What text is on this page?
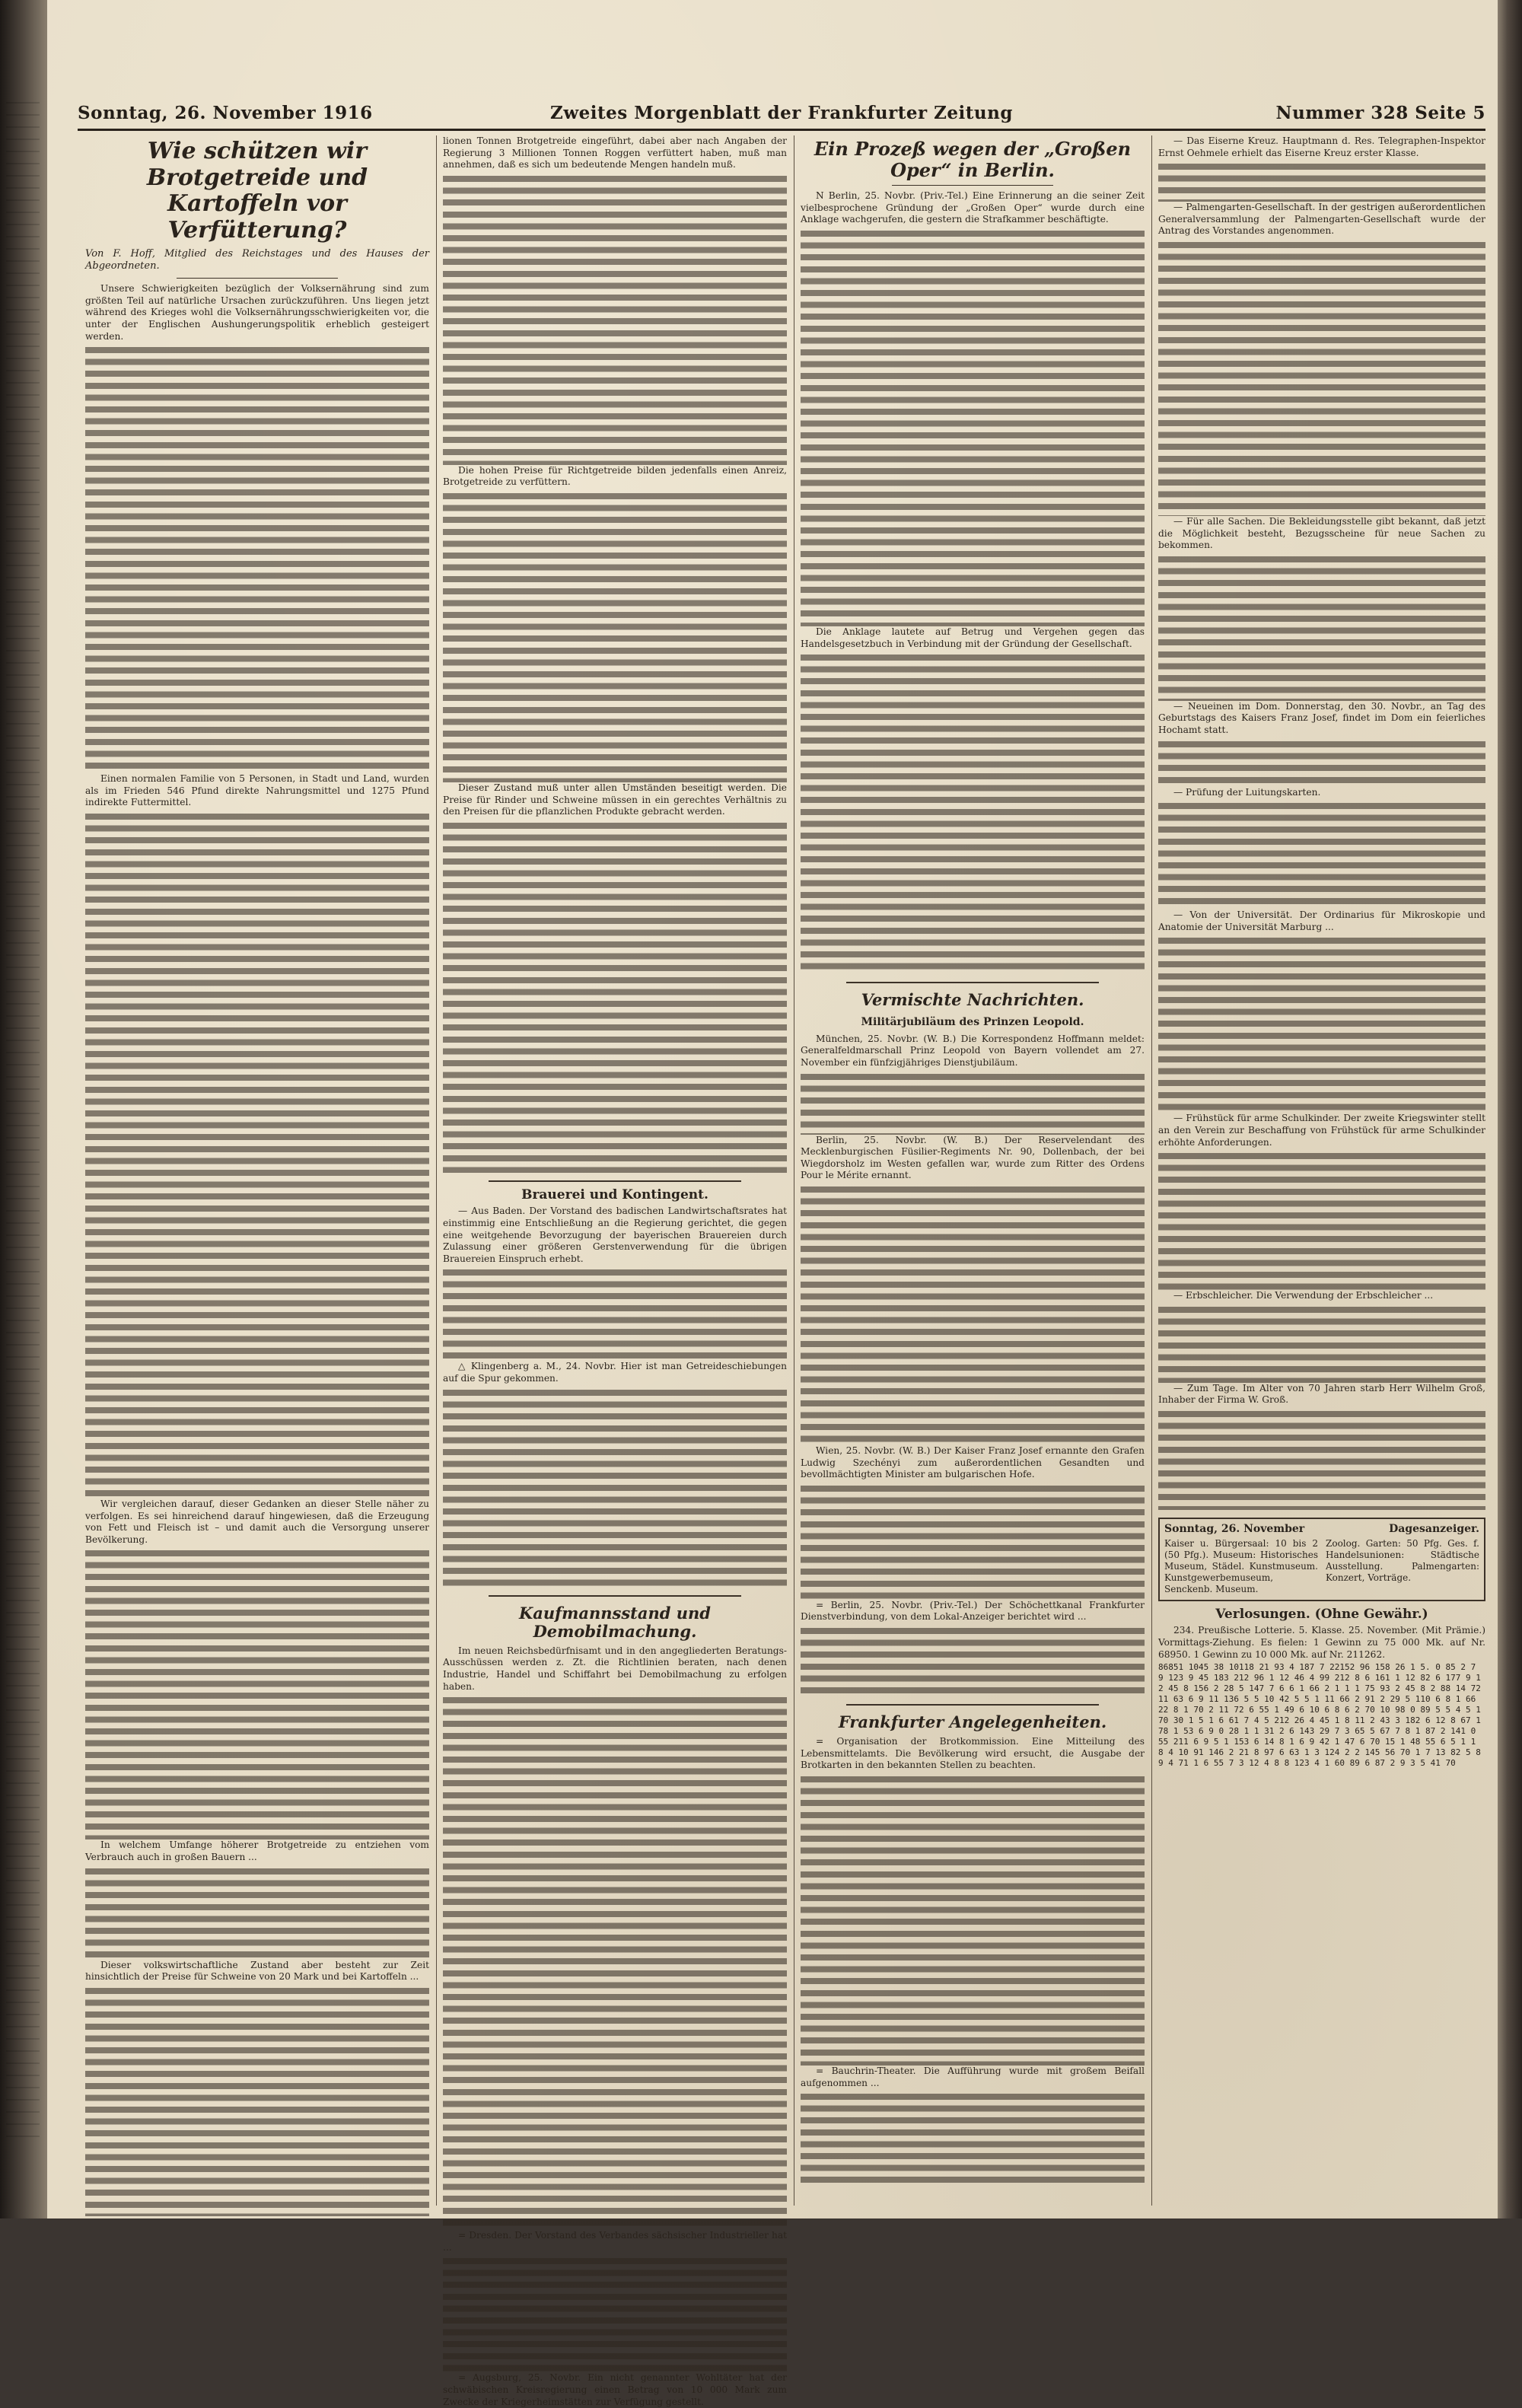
Sonntag, 26. November 1916	Zweites Morgenblatt der Frankfurter Zeitung	Nummer 328 Seite 5
Wie schützen wir Brotgetreide und Kartoffeln vor Verfütterung?
Von F. Hoff, Mitglied des Reichstages und des Hauses der Abgeordneten.

Unsere Schwierigkeiten bezüglich der Volksernährung sind zum größten Teil auf natürliche Ursachen zurückzuführen. Uns liegen jetzt während des Krieges wohl die Volksernährungsschwierigkeiten vor, die unter der Englischen Aushungerungspolitik erheblich gesteigert werden.

Einen normalen Familie von 5 Personen, in Stadt und Land, wurden als im Frieden 546 Pfund direkte Nahrungsmittel und 1275 Pfund indirekte Futtermittel.

Wir vergleichen darauf, dieser Gedanken an dieser Stelle näher zu verfolgen. Es sei hinreichend darauf hingewiesen, daß die Erzeugung von Fett und Fleisch ist – und damit auch die Versorgung unserer Bevölkerung.

In welchem Umfange höherer Brotgetreide zu entziehen vom Verbrauch auch in großen Bauern ...

Dieser volkswirtschaftliche Zustand aber besteht zur Zeit hinsichtlich der Preise für Schweine von 20 Mark und bei Kartoffeln ...

lionen Tonnen Brotgetreide eingeführt, dabei aber nach Angaben der Regierung 3 Millionen Tonnen Roggen verfüttert haben, muß man annehmen, daß es sich um bedeutende Mengen handeln muß.

Die hohen Preise für Richtgetreide bilden jedenfalls einen Anreiz, Brotgetreide zu verfüttern.

Dieser Zustand muß unter allen Umständen beseitigt werden. Die Preise für Rinder und Schweine müssen in ein gerechtes Verhältnis zu den Preisen für die pflanzlichen Produkte gebracht werden.

Brauerei und Kontingent.

— Aus Baden. Der Vorstand des badischen Landwirtschaftsrates hat einstimmig eine Entschließung an die Regierung gerichtet, die gegen eine weitgehende Bevorzugung der bayerischen Brauereien durch Zulassung einer größeren Gerstenverwendung für die übrigen Brauereien Einspruch erhebt.

△ Klingenberg a. M., 24. Novbr. Hier ist man Getreideschiebungen auf die Spur gekommen.

Kaufmannsstand und Demobilmachung.

Im neuen Reichsbedürfnisamt und in den angegliederten Beratungs-Ausschüssen werden z. Zt. die Richtlinien beraten, nach denen Industrie, Handel und Schiffahrt bei Demobilmachung zu erfolgen haben.

= Dresden. Der Vorstand des Verbandes sächsischer Industrieller hat ...

= Augsburg, 25. Novbr. Ein nicht genannter Wohltäter hat der schwäbischen Kreisregierung einen Betrag von 10 000 Mark zum Zwecke der Kriegerheimstätten zur Verfügung gestellt.

Ein Prozeß wegen der „Großen Oper“ in Berlin.

N Berlin, 25. Novbr. (Priv.-Tel.) Eine Erinnerung an die seiner Zeit vielbesprochene Gründung der „Großen Oper“ wurde durch eine Anklage wachgerufen, die gestern die Strafkammer beschäftigte.

Die Anklage lautete auf Betrug und Vergehen gegen das Handelsgesetzbuch in Verbindung mit der Gründung der Gesellschaft.

Vermischte Nachrichten.
Militärjubiläum des Prinzen Leopold.

München, 25. Novbr. (W. B.) Die Korrespondenz Hoffmann meldet: Generalfeldmarschall Prinz Leopold von Bayern vollendet am 27. November ein fünfzigjähriges Dienstjubiläum.

Berlin, 25. Novbr. (W. B.) Der Reservelendant des Mecklenburgischen Füsilier-Regiments Nr. 90, Dollenbach, der bei Wiegdorsholz im Westen gefallen war, wurde zum Ritter des Ordens Pour le Mérite ernannt.

Wien, 25. Novbr. (W. B.) Der Kaiser Franz Josef ernannte den Grafen Ludwig Szechényi zum außerordentlichen Gesandten und bevollmächtigten Minister am bulgarischen Hofe.

= Berlin, 25. Novbr. (Priv.-Tel.) Der Schöchettkanal Frankfurter Dienstverbindung, von dem Lokal-Anzeiger berichtet wird ...

Frankfurter Angelegenheiten.

= Organisation der Brotkommission. Eine Mitteilung des Lebensmittelamts. Die Bevölkerung wird ersucht, die Ausgabe der Brotkarten in den bekannten Stellen zu beachten.

= Bauchrin-Theater. Die Aufführung wurde mit großem Beifall aufgenommen ...

— Das Eiserne Kreuz. Hauptmann d. Res. Telegraphen-Inspektor Ernst Oehmele erhielt das Eiserne Kreuz erster Klasse.

— Palmengarten-Gesellschaft. In der gestrigen außerordentlichen Generalversammlung der Palmengarten-Gesellschaft wurde der Antrag des Vorstandes angenommen.

— Für alle Sachen. Die Bekleidungsstelle gibt bekannt, daß jetzt die Möglichkeit besteht, Bezugsscheine für neue Sachen zu bekommen.

— Neueinen im Dom. Donnerstag, den 30. Novbr., an Tag des Geburtstags des Kaisers Franz Josef, findet im Dom ein feierliches Hochamt statt.

— Prüfung der Luitungskarten.

— Von der Universität. Der Ordinarius für Mikroskopie und Anatomie der Universität Marburg ...

— Frühstück für arme Schulkinder. Der zweite Kriegswinter stellt an den Verein zur Beschaffung von Frühstück für arme Schulkinder erhöhte Anforderungen.

— Erbschleicher. Die Verwendung der Erbschleicher ...

— Zum Tage. Im Alter von 70 Jahren starb Herr Wilhelm Groß, Inhaber der Firma W. Groß.

Sonntag, 26. November	Dagesanzeiger.
Kaiser u. Bürgersaal: 10 bis 2 (50 Pfg.). Museum: Historisches Museum, Städel. Kunstmuseum. Kunstgewerbemuseum, Senckenb. Museum.
Zoolog. Garten: 50 Pfg. Ges. f. Handelsunionen: Städtische Ausstellung. Palmengarten: Konzert, Vorträge.
Verlosungen. (Ohne Gewähr.)

234. Preußische Lotterie. 5. Klasse. 25. November. (Mit Prämie.) Vormittags-Ziehung. Es fielen: 1 Gewinn zu 75 000 Mk. auf Nr. 68950. 1 Gewinn zu 10 000 Mk. auf Nr. 211262.

86851 1045 38 10118 21 93 4 187 7 22152 96 158 26 1 5. 0 85 2 7 9 123 9 45 183 212 96 1 12 46 4 99 212 8 6 161 1 12 82 6 177 9 12 45 8 156 2 28 5 147 7 6 6 1 66 2 1 1 1 75 93 2 45 8 2 88 14 72 11 63 6 9 11 136 5 5 10 42 5 5 1 11 66 2 91 2 29 5 110 6 8 1 66 22 8 1 70 2 11 72 6 55 1 49 6 10 6 8 6 2 70 10 98 0 89 5 5 4 5 1 70 30 1 5 1 6 61 7 4 5 212 26 4 45 1 8 11 2 43 3 182 6 12 8 67 1 78 1 53 6 9 0 28 1 1 31 2 6 143 29 7 3 65 5 67 7 8 1 87 2 141 0 55 211 6 9 5 1 153 6 14 8 1 6 9 42 1 47 6 70 15 1 48 55 6 5 1 1 8 4 10 91 146 2 21 8 97 6 63 1 3 124 2 2 145 56 70 1 7 13 82 5 8 9 4 71 1 6 55 7 3 12 4 8 8 123 4 1 60 89 6 87 2 9 3 5 41 70
